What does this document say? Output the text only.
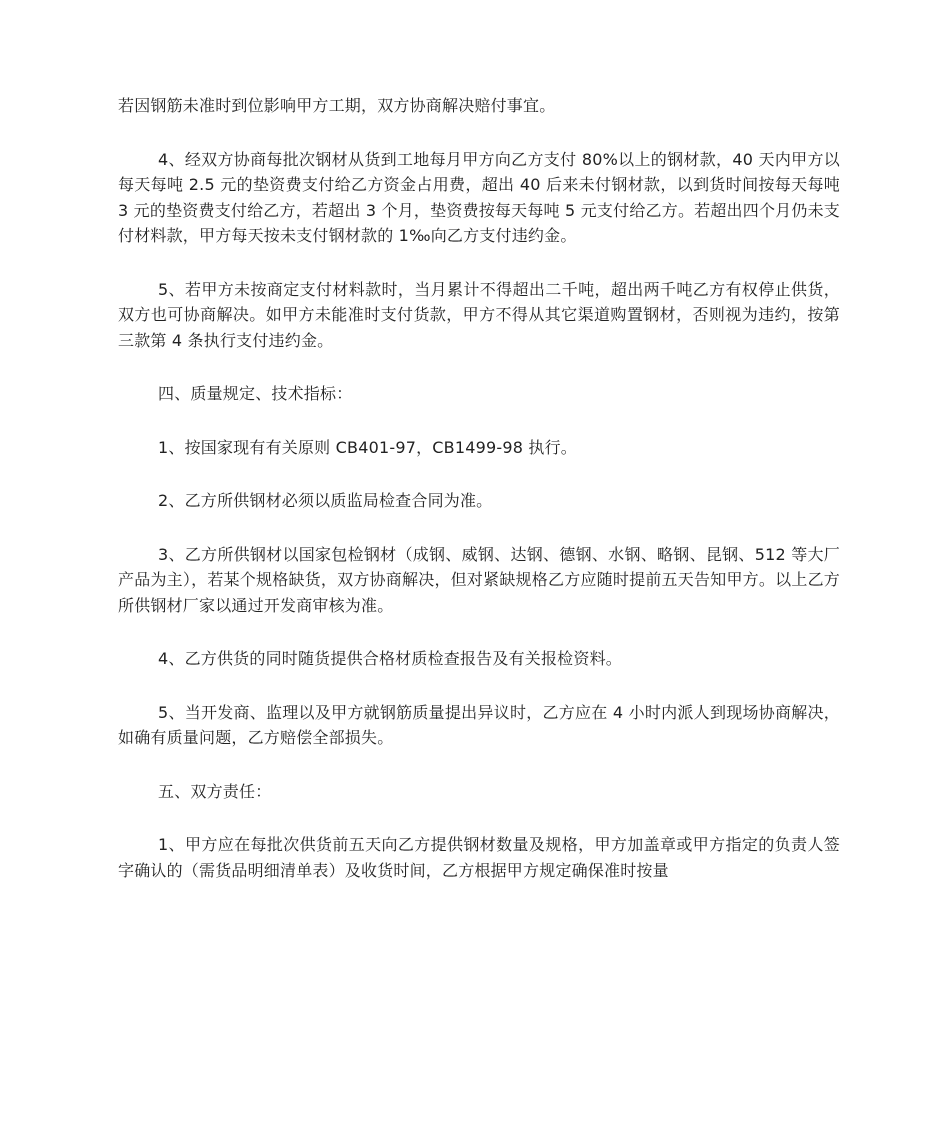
若因钢筋未准时到位影响甲方工期，双方协商解决赔付事宜。

4、经双方协商每批次钢材从货到工地每月甲方向乙方支付 80%以上的钢材款，40 天内甲方以每天每吨 2.5 元的垫资费支付给乙方资金占用费，超出 40 后来未付钢材款，以到货时间按每天每吨 3 元的垫资费支付给乙方，若超出 3 个月，垫资费按每天每吨 5 元支付给乙方。若超出四个月仍未支付材料款，甲方每天按未支付钢材款的 1‰向乙方支付违约金。

5、若甲方未按商定支付材料款时，当月累计不得超出二千吨，超出两千吨乙方有权停止供货，双方也可协商解决。如甲方未能准时支付货款，甲方不得从其它渠道购置钢材，否则视为违约，按第三款第 4 条执行支付违约金。

四、质量规定、技术指标：

1、按国家现有有关原则 CB401-97，CB1499-98 执行。

2、乙方所供钢材必须以质监局检查合同为准。

3、乙方所供钢材以国家包检钢材（成钢、威钢、达钢、德钢、水钢、略钢、昆钢、512 等大厂产品为主），若某个规格缺货，双方协商解决，但对紧缺规格乙方应随时提前五天告知甲方。以上乙方所供钢材厂家以通过开发商审核为准。

4、乙方供货的同时随货提供合格材质检查报告及有关报检资料。

5、当开发商、监理以及甲方就钢筋质量提出异议时，乙方应在 4 小时内派人到现场协商解决，如确有质量问题，乙方赔偿全部损失。

五、双方责任：

1、甲方应在每批次供货前五天向乙方提供钢材数量及规格，甲方加盖章或甲方指定的负责人签字确认的（需货品明细清单表）及收货时间，乙方根据甲方规定确保准时按量
